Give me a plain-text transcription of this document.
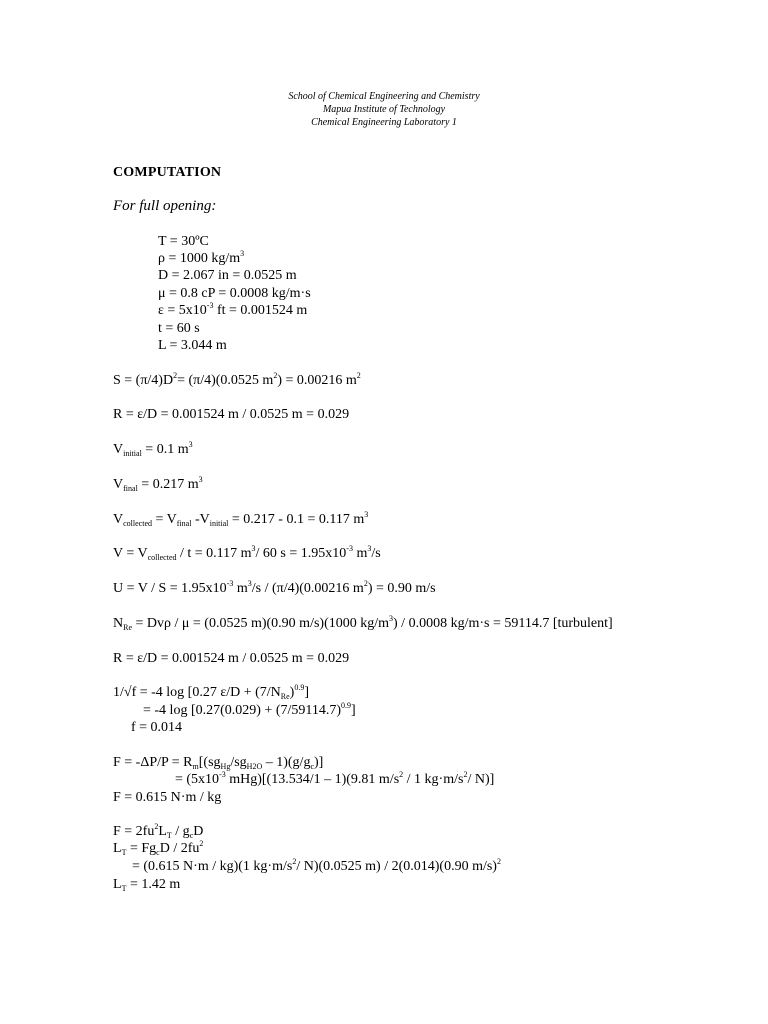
School of Chemical Engineering and Chemistry
Mapua Institute of Technology
Chemical Engineering Laboratory 1
COMPUTATION
For full opening:
T = 30ºC
ρ = 1000 $kg/m^3$
D = 2.067 in = 0.0525 m
μ = 0.8 cP = 0.0008 kg/m·s
$\varepsilon = 5x10^{-3}$ ft = 0.001524 m
t = 60 s
L = 3.044 m
$S = (\pi/4)D^2= (\pi/4)(0.0525$ $m^2) = 0.00216$ $m^2$
R = ε/D = 0.001524 m / 0.0525 m = 0.029
$V_{initial} = 0.1$ $m^3$
$V_{final} = 0.217$ $m^3$
$V_{collected} = V_{final}$ $-V_{initial} = 0.217 - 0.1 = 0.117$ $m^3$
$V = V_{collected} / t = 0.117$ $m^3/$ 60 $s = 1.95x10^{-3}$ $m^3/s$
$U = V / S = 1.95x10^{-3}$ $m^3/s / (\pi/4)(0.00216$ $m^2) = 0.90$ m/s
$N_{Re} = Dv\rho / \mu = (0.0525$ m)(0.90 m/s)(1000 $kg/m^3) / 0.0008$ kg/m·s = 59114.7 [turbulent]
R = ε/D = 0.001524 m / 0.0525 m = 0.029
1/√f = -4 log [0.27 $\varepsilon/D + (7/N_{Re})^{0.9}$]
= -4 $\log [0.27(0.029) + (7/59114.7)^{0.9}]$
f = 0.014
$F = -\Delta P/P = R_m[(sg_{Hg}/sg_{H2O} - 1)(g/g_c)]$
= ($5x10^{-3}$ mHg)[(13.534/1 – 1)(9.81 $m/s^2 / 1$ $kg\cdot m/s^2/$ N)]
F = 0.615 N·m / kg
$F = 2fu^2L_T / g_cD$
$L_T = Fg_cD / 2fu^2$
= (0.615 N·m / kg)(1 $kg\cdot m/s^2/$ N)(0.0525 m) / 2(0.014)(0.90 m/s)$^2$
$L_T = 1.42$ m
